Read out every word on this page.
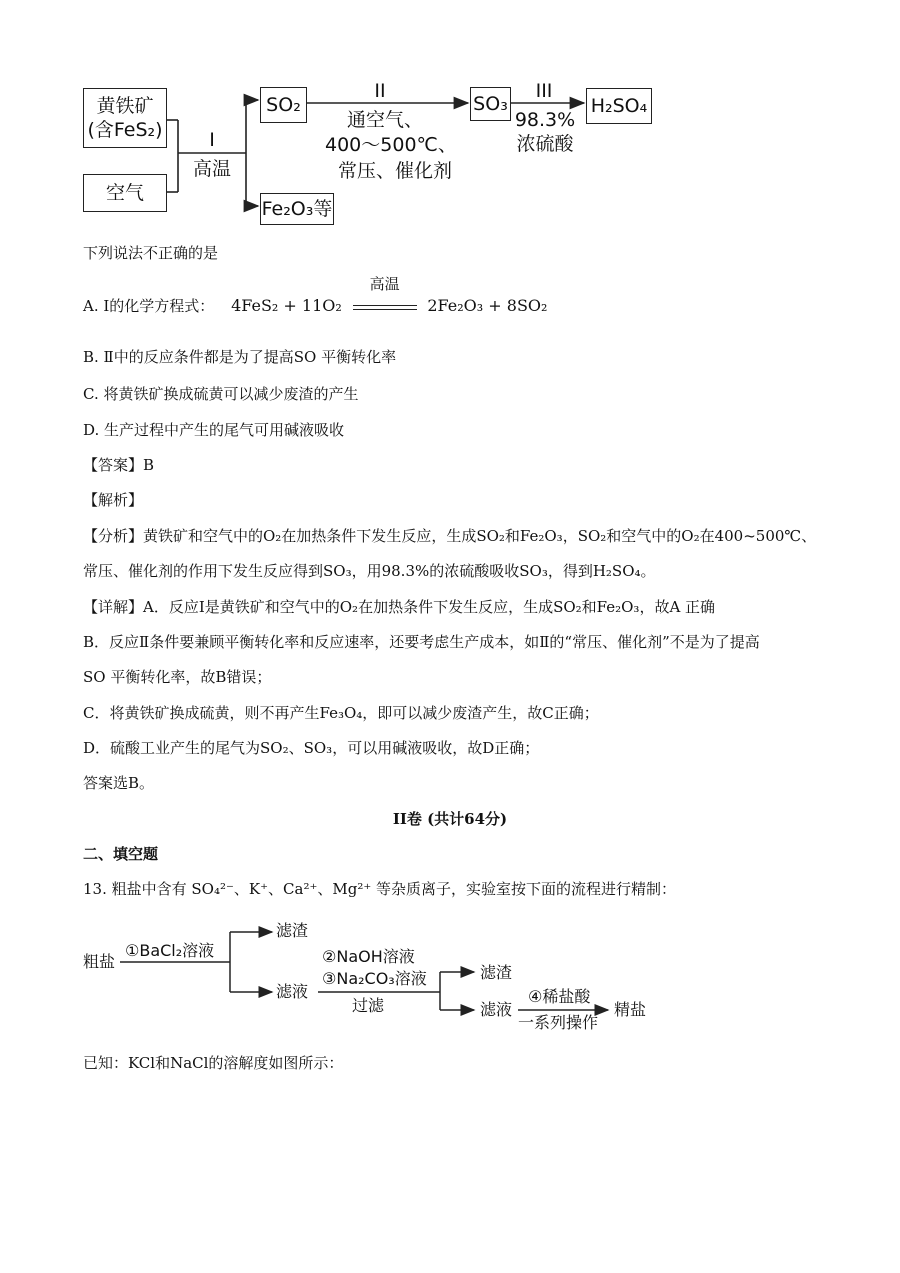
黄铁矿
(含FeS₂)
空气
I
高温
SO₂
Fe₂O₃等
II
通空气、
400～500℃、
常压、催化剂
SO₃
III
98.3%
浓硫酸
H₂SO₄
下列说法不正确的是
A. Ⅰ的化学方程式： 4FeS₂ + 11O₂
高温
2Fe₂O₃ + 8SO₂
B. Ⅱ中的反应条件都是为了提高SO 平衡转化率
C. 将黄铁矿换成硫黄可以减少废渣的产生
D. 生产过程中产生的尾气可用碱液吸收
【答案】B
【解析】
【分析】黄铁矿和空气中的O₂在加热条件下发生反应，生成SO₂和Fe₂O₃，SO₂和空气中的O₂在400~500℃、
常压、催化剂的作用下发生反应得到SO₃，用98.3%的浓硫酸吸收SO₃，得到H₂SO₄。
【详解】A．反应Ⅰ是黄铁矿和空气中的O₂在加热条件下发生反应，生成SO₂和Fe₂O₃，故A 正确
B．反应Ⅱ条件要兼顾平衡转化率和反应速率，还要考虑生产成本，如Ⅱ的“常压、催化剂”不是为了提高
SO 平衡转化率，故B错误；
C．将黄铁矿换成硫黄，则不再产生Fe₃O₄，即可以减少废渣产生，故C正确；
D．硫酸工业产生的尾气为SO₂、SO₃，可以用碱液吸收，故D正确；
答案选B。
II卷 (共计64分)
二、填空题
13. 粗盐中含有 SO₄²⁻、K⁺、Ca²⁺、Mg²⁺ 等杂质离子，实验室按下面的流程进行精制：
粗盐
①BaCl₂溶液
滤渣
滤液
②NaOH溶液
③Na₂CO₃溶液
过滤
滤渣
滤液
④稀盐酸
一系列操作
精盐
已知：KCl和NaCl的溶解度如图所示：
